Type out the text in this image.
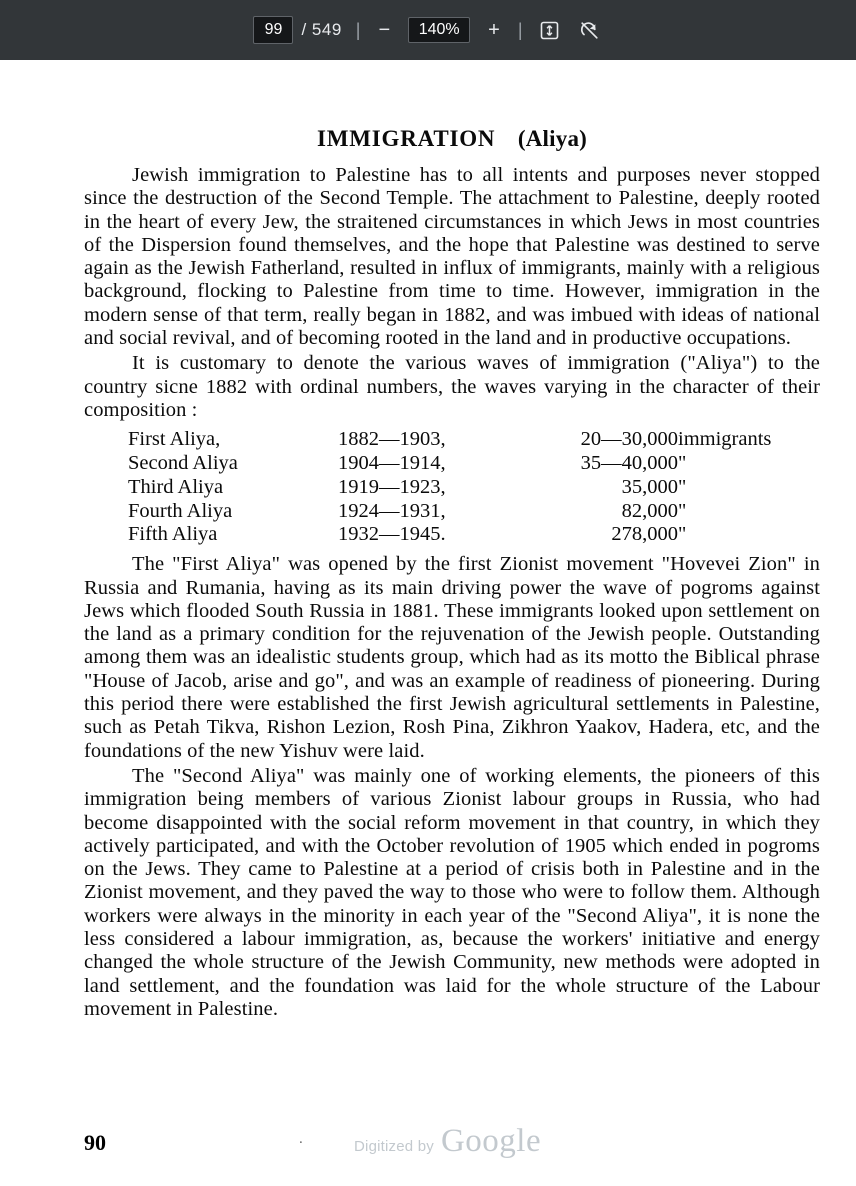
99
/ 549 | −	140%	+ |
IMMIGRATION (Aliya)

Jewish immigration to Palestine has to all intents and purposes never stopped since the destruction of the Second Temple. The attachment to Palestine, deeply rooted in the heart of every Jew, the straitened circumstances in which Jews in most countries of the Dispersion found themselves, and the hope that Palestine was destined to serve again as the Jewish Fatherland, resulted in influx of immigrants, mainly with a religious background, flocking to Palestine from time to time. However, immigration in the modern sense of that term, really began in 1882, and was imbued with ideas of national and social revival, and of becoming rooted in the land and in productive occupations.

It is customary to denote the various waves of immigration ("Aliya") to the country sicne 1882 with ordinal numbers, the waves varying in the character of their composition :

First Aliya,	1882—1903,	20—30,000	immigrants
Second Aliya	1904—1914,	35—40,000	"
Third Aliya	1919—1923,	35,000	"
Fourth Aliya	1924—1931,	82,000	"
Fifth Aliya	1932—1945.	278,000	"

The "First Aliya" was opened by the first Zionist movement "Hovevei Zion" in Russia and Rumania, having as its main driving power the wave of pogroms against Jews which flooded South Russia in 1881. These immigrants looked upon settlement on the land as a primary condition for the rejuvenation of the Jewish people. Outstanding among them was an idealistic students group, which had as its motto the Biblical phrase "House of Jacob, arise and go", and was an example of readiness of pioneering. During this period there were established the first Jewish agricultural settlements in Palestine, such as Petah Tikva, Rishon Lezion, Rosh Pina, Zikhron Yaakov, Hadera, etc, and the foundations of the new Yishuv were laid.

The "Second Aliya" was mainly one of working elements, the pioneers of this immigration being members of various Zionist labour groups in Russia, who had become disappointed with the social reform movement in that country, in which they actively participated, and with the October revolution of 1905 which ended in pogroms on the Jews. They came to Palestine at a period of crisis both in Palestine and in the Zionist movement, and they paved the way to those who were to follow them. Although workers were always in the minority in each year of the "Second Aliya", it is none the less considered a labour immigration, as, because the workers' initiative and energy changed the whole structure of the Jewish Community, new methods were adopted in land settlement, and the foundation was laid for the whole structure of the Labour movement in Palestine.

90	.	Digitized by Google
